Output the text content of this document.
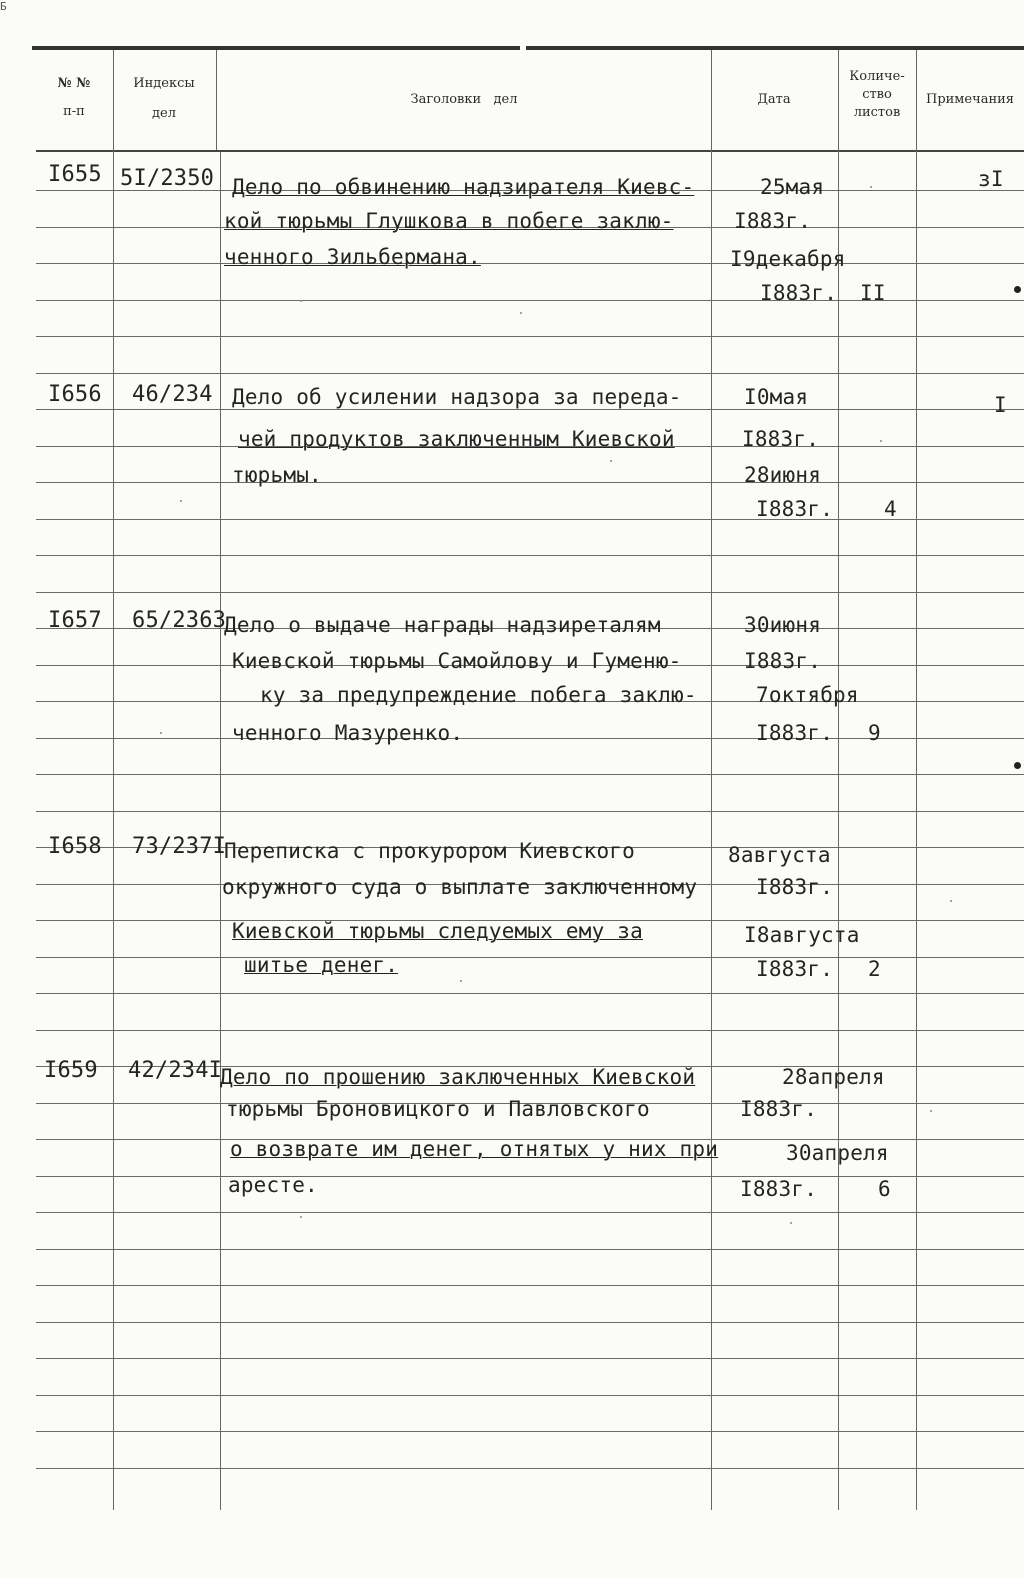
Б
№ №
п-п
Индексы
дел
Заголовки   дел	Дата
Количе-
ство
листов
Примечания
I655 5I/2350 Дело по обвинению надзирателя Киевс-
кой тюрьмы Глушкова в побеге заклю-
ченного Зильбермана.
25мая
I883г.
I9декабря
I883г. II
зI
I656 46/234 Дело об усилении надзора за переда-
чей продуктов заключенным Киевской
тюрьмы.
I0мая
I883г.
28июня
I883г. 4
I
I657 65/2363
Дело о выдаче награды надзиреталям
Киевской тюрьмы Самойлову и Гуменю-
ку за предупреждение побега заклю-
ченного Мазуренко.
30июня
I883г.
7октября
I883г. 9
I658 73/237I
Переписка с прокурором Киевского
окружного суда о выплате заключенному
Киевской тюрьмы следуемых ему за
шитье денег.
8августа
I883г.
I8августа
I883г. 2
I659 42/234I
Дело по прошению заключенных Киевской
тюрьмы Броновицкого и Павловского
о возврате им денег, отнятых у них при
аресте.
28апреля
I883г.
30апреля
I883г.	6
